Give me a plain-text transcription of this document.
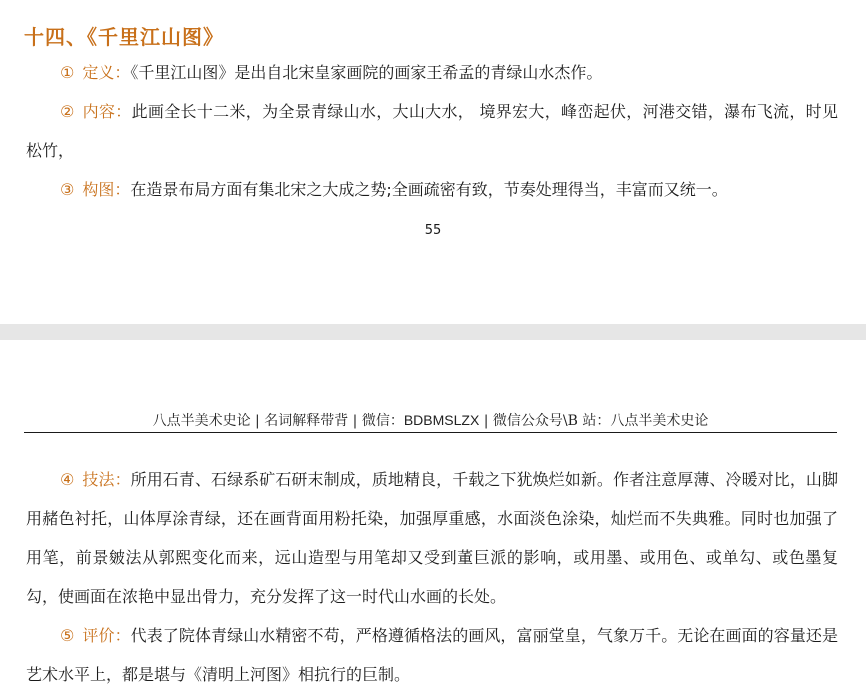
十四、《千里江山图》

① 定义：《千里江山图》是出自北宋皇家画院的画家王希孟的青绿山水杰作。

② 内容：此画全长十二米，为全景青绿山水，大山大水， 境界宏大，峰峦起伏，河港交错，瀑布飞流，时见松竹，

③ 构图：在造景布局方面有集北宋之大成之势;全画疏密有致，节奏处理得当，丰富而又统一。

55
八点半美术史论 | 名词解释带背 | 微信：BDBMSLZX | 微信公众号\B 站：八点半美术史论

④ 技法：所用石青、石绿系矿石研末制成，质地精良，千载之下犹焕烂如新。作者注意厚薄、冷暖对比，山脚用赭色衬托，山体厚涂青绿，还在画背面用粉托染，加强厚重感，水面淡色涂染，灿烂而不失典雅。同时也加强了用笔，前景皴法从郭熙变化而来，远山造型与用笔却又受到董巨派的影响，或用墨、或用色、或单勾、或色墨复勾，使画面在浓艳中显出骨力，充分发挥了这一时代山水画的长处。

⑤ 评价：代表了院体青绿山水精密不苟，严格遵循格法的画风，富丽堂皇，气象万千。无论在画面的容量还是艺术水平上，都是堪与《清明上河图》相抗行的巨制。
